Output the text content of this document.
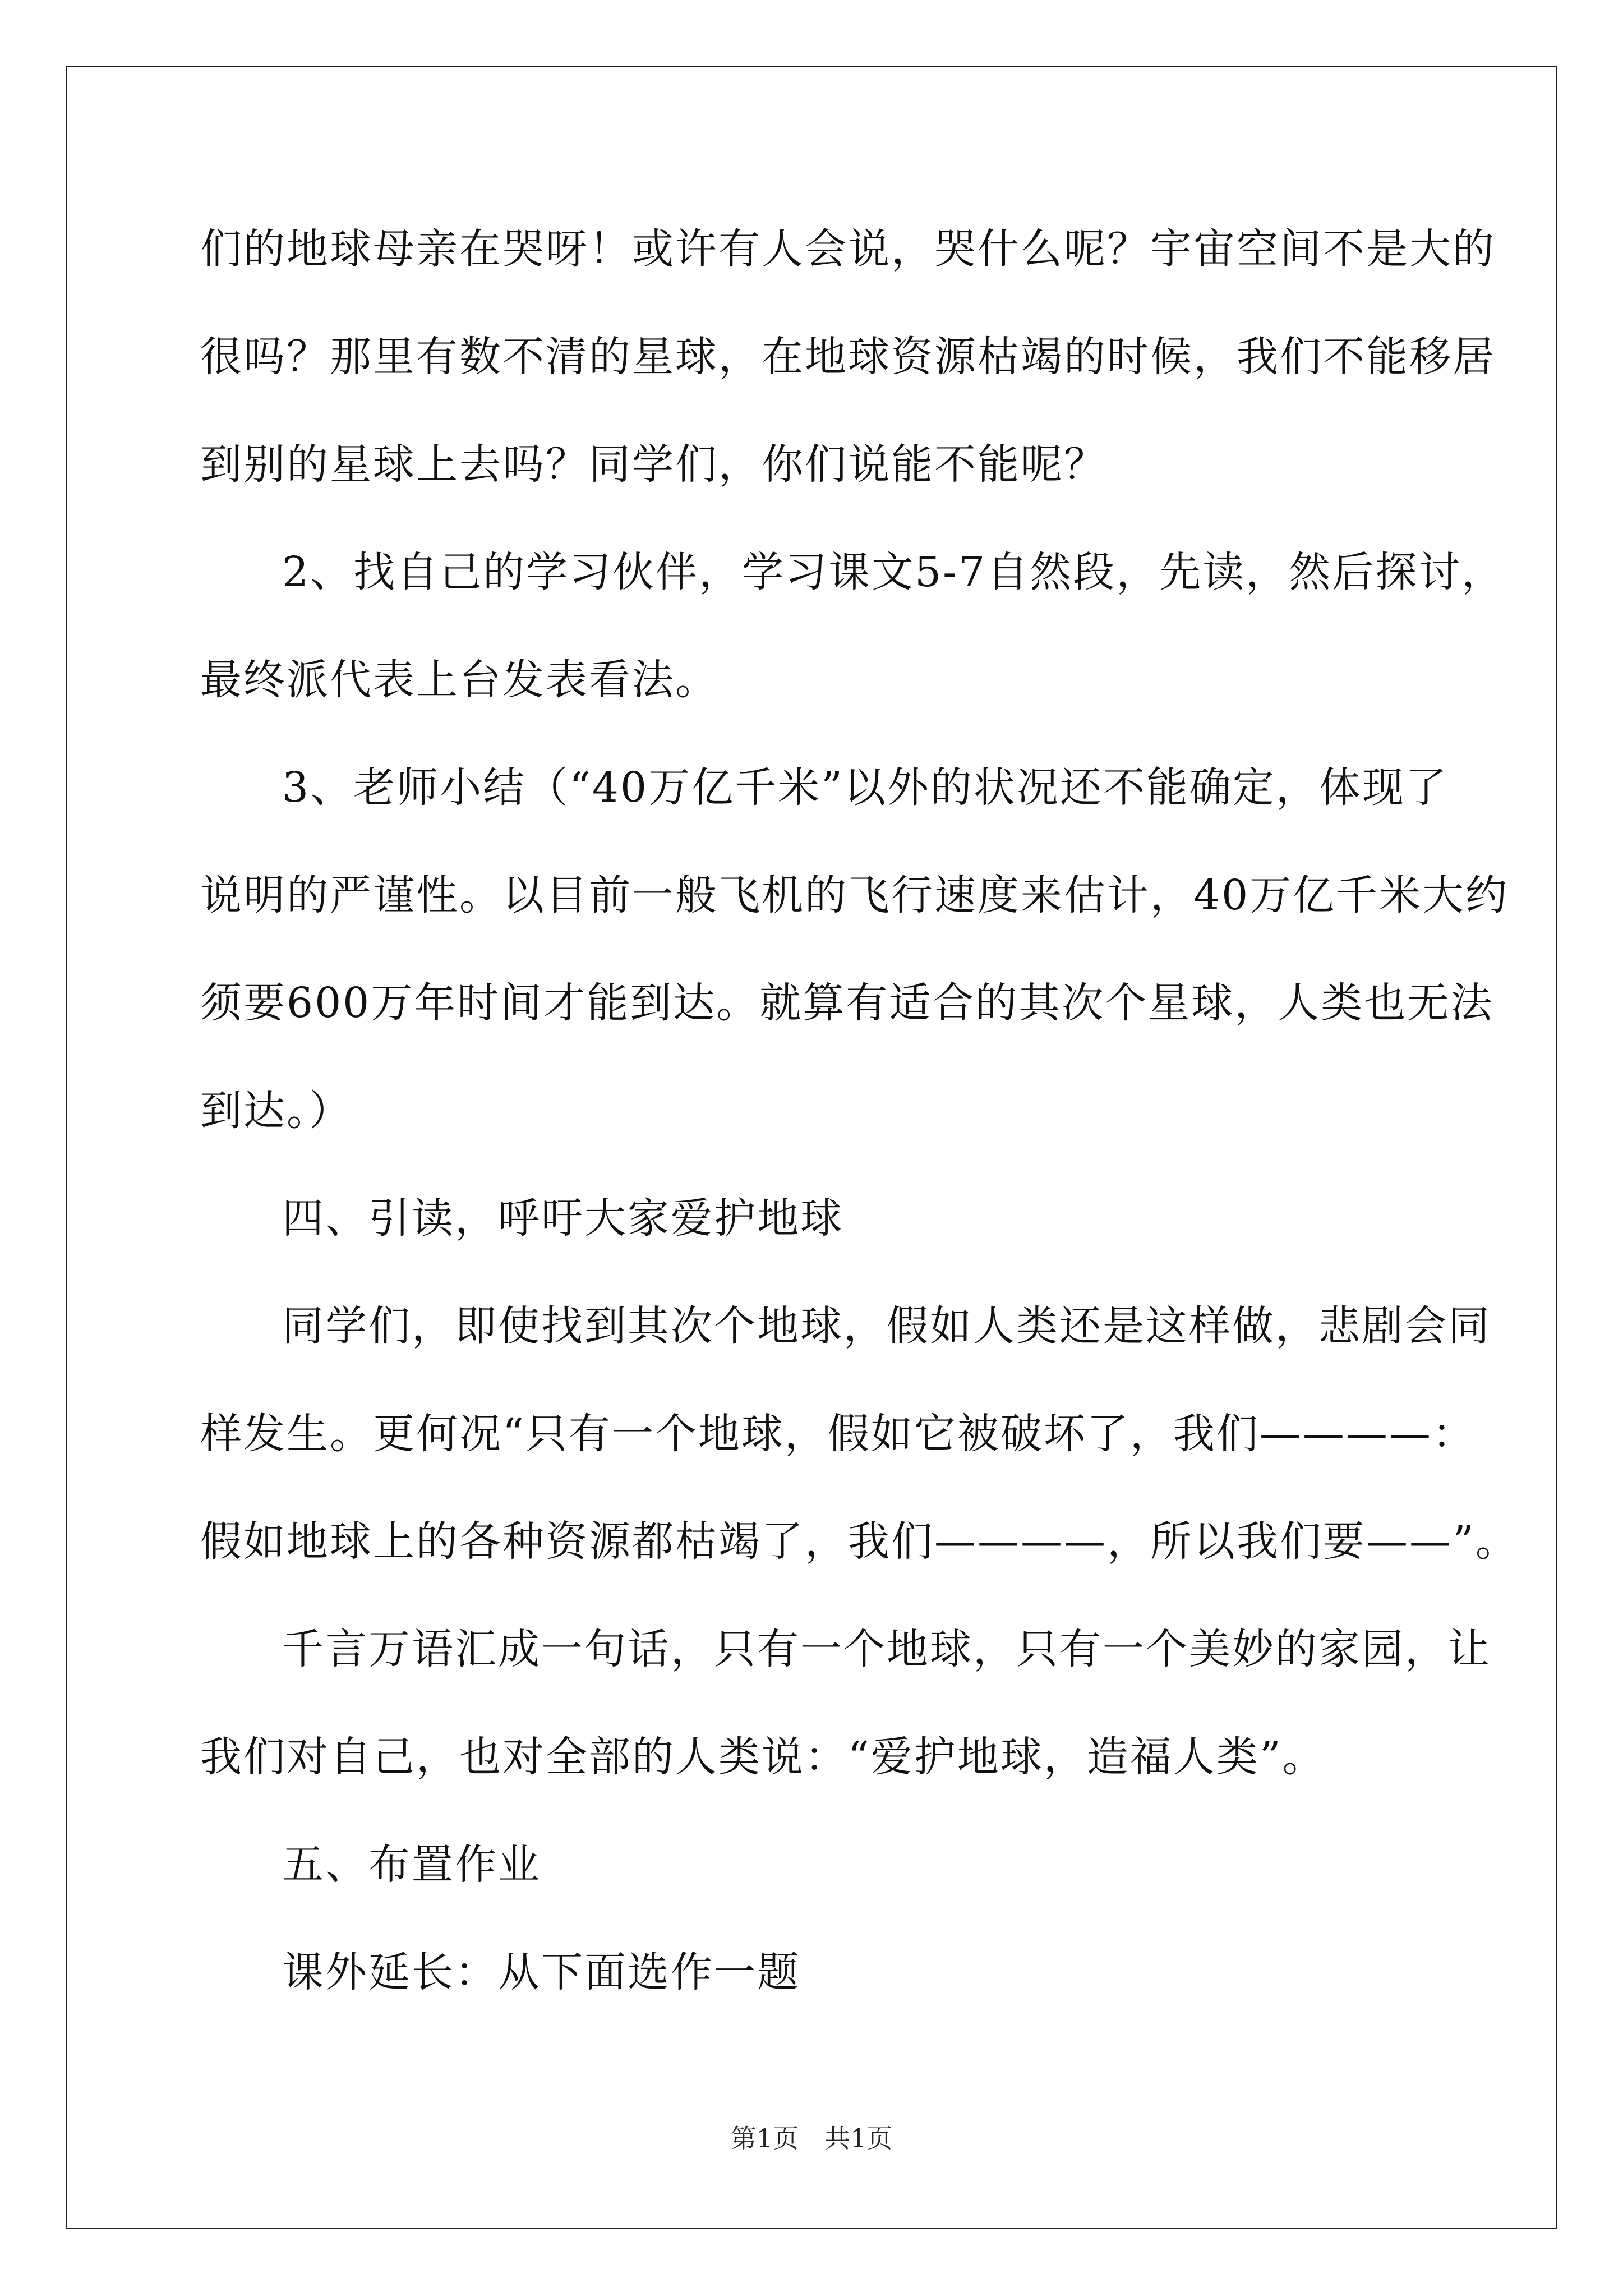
们的地球母亲在哭呀！或许有人会说，哭什么呢？宇宙空间不是大的
很吗？那里有数不清的星球，在地球资源枯竭的时候，我们不能移居
到别的星球上去吗？同学们，你们说能不能呢？
2、找自己的学习伙伴，学习课文5-7自然段，先读，然后探讨，
最终派代表上台发表看法。
3、老师小结（“40万亿千米”以外的状况还不能确定，体现了
说明的严谨性。以目前一般飞机的飞行速度来估计，40万亿千米大约
须要600万年时间才能到达。就算有适合的其次个星球，人类也无法
到达。）
四、引读，呼吁大家爱护地球
同学们，即使找到其次个地球，假如人类还是这样做，悲剧会同
样发生。更何况“只有一个地球，假如它被破坏了，我们————：
假如地球上的各种资源都枯竭了，我们————，所以我们要——”。
千言万语汇成一句话，只有一个地球，只有一个美妙的家园，让
我们对自己，也对全部的人类说：“爱护地球，造福人类”。
五、布置作业
课外延长：从下面选作一题
第1页　共1页
